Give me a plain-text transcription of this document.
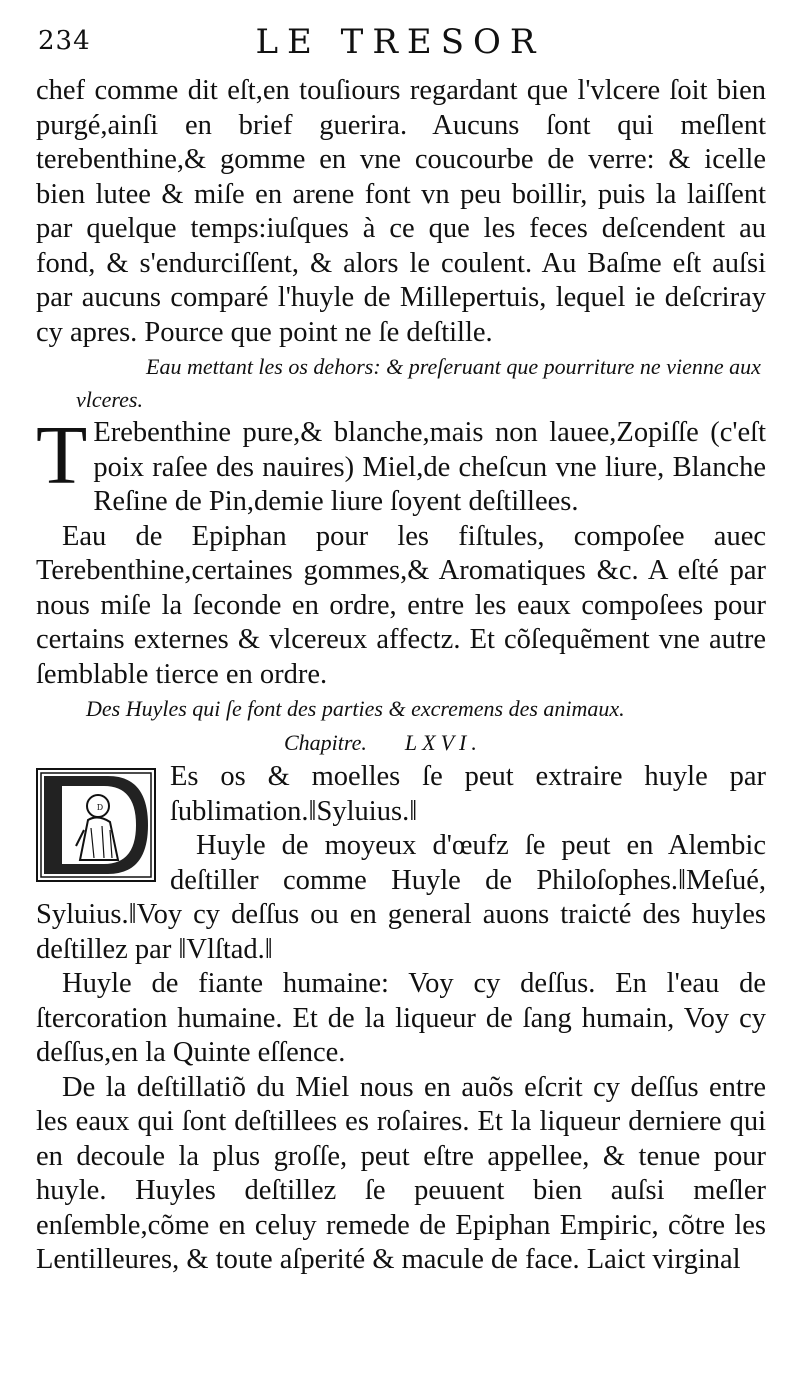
234	LE TRESOR

chef comme dit eſt,en touſiours regardant que l'vlcere ſoit bien purgé,ainſi en brief guerira. Aucuns ſont qui meſlent terebenthine,& gomme en vne coucourbe de verre: & icelle bien lutee & miſe en arene font vn peu boillir, puis la laiſſent par quelque temps:iuſques à ce que les feces deſcendent au fond, & s'endurciſſent, & alors le coulent. Au Baſme eſt auſsi par aucuns comparé l'huyle de Millepertuis, lequel ie deſcriray cy apres. Pource que point ne ſe deſtille.

Eau mettant les os dehors: & preſeruant que pourriture ne vienne aux vlceres.

T Erebenthine pure,& blanche,mais non lauee,Zopiſſe (c'eſt poix raſee des nauires) Miel,de cheſcun vne liure, Blanche Reſine de Pin,demie liure ſoyent deſtillees.

Eau de Epiphan pour les fiſtules, compoſee auec Terebenthine,certaines gommes,& Aromatiques &c. A eſté par nous miſe la ſeconde en ordre, entre les eaux compoſees pour certains externes & vlcereux affectz. Et cõſequẽment vne autre ſemblable tierce en ordre.

Des Huyles qui ſe font des parties & excremens des animaux.

Chapitre. LXVI.

D

Es os & moelles ſe peut extraire huyle par ſublimation.‖Syluius.‖

Huyle de moyeux d'œufz ſe peut en Alembic deſtiller comme Huyle de Philoſophes.‖Meſué, Syluius.‖Voy cy deſſus ou en general auons traicté des huyles deſtillez par ‖Vlſtad.‖

Huyle de fiante humaine: Voy cy deſſus. En l'eau de ſtercoration humaine. Et de la liqueur de ſang humain, Voy cy deſſus,en la Quinte eſſence.

De la deſtillatiõ du Miel nous en auõs eſcrit cy deſſus entre les eaux qui ſont deſtillees es roſaires. Et la liqueur derniere qui en decoule la plus groſſe, peut eſtre appellee, & tenue pour huyle. Huyles deſtillez ſe peuuent bien auſsi meſler enſemble,cõme en celuy remede de Epiphan Empiric, cõtre les Lentilleures, & toute aſperité & macule de face. Laict virginal
